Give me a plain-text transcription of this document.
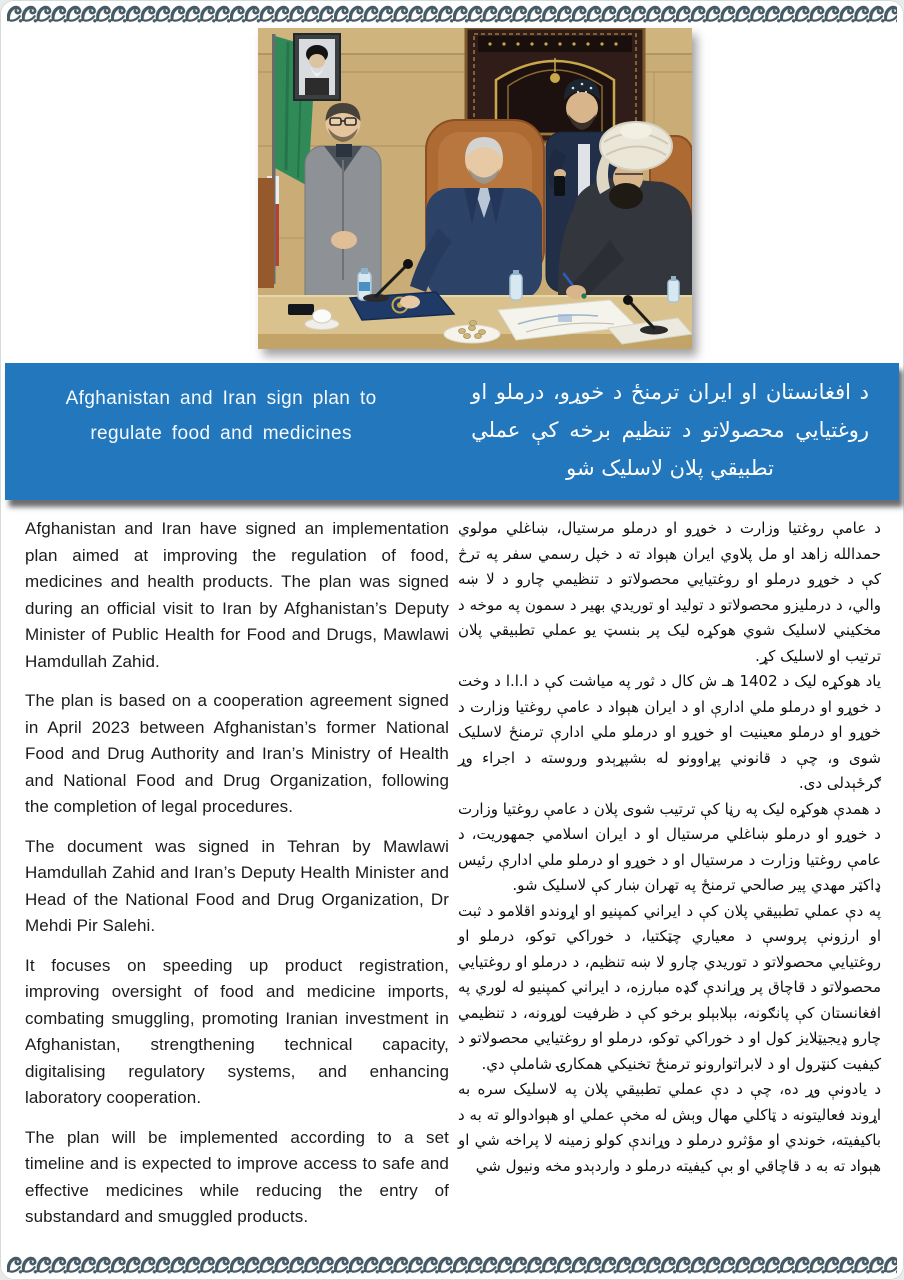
Afghanistan and Iran sign plan to regulate food and medicines
د افغانستان او ایران ترمنځ د خوړو، درملو او روغتیایي محصولاتو د تنظیم برخه کې عملي تطبیقي پلان لاسلیک شو

Afghanistan and Iran have signed an implementation plan aimed at improving the regulation of food, medicines and health products. The plan was signed during an official visit to Iran by Afghanistan’s Deputy Minister of Public Health for Food and Drugs, Mawlawi Hamdullah Zahid.

The plan is based on a cooperation agreement signed in April 2023 between Afghanistan’s former National Food and Drug Authority and Iran’s Ministry of Health and National Food and Drug Organization, following the completion of legal procedures.

The document was signed in Tehran by Mawlawi Hamdullah Zahid and Iran’s Deputy Health Minister and Head of the National Food and Drug Organization, Dr Mehdi Pir Salehi.

It focuses on speeding up product registration, improving oversight of food and medicine imports, combating smuggling, promoting Iranian investment in Afghanistan, strengthening technical capacity, digitalising regulatory systems, and enhancing laboratory cooperation.

The plan will be implemented according to a set timeline and is expected to improve access to safe and effective medicines while reducing the entry of substandard and smuggled products.

د عامې روغتیا وزارت د خوړو او درملو مرستیال، ښاغلي مولوي حمدالله زاهد او مل پلاوي ایران هېواد ته د خپل رسمي سفر په ترڅ کې د خوړو درملو او روغتیایي محصولاتو د تنظیمي چارو د لا ښه والي، د درملیزو محصولاتو د تولید او توریدي بهیر د سمون په موخه د مخکیني لاسلیک شوي هوکړه لیک پر بنسټ یو عملي تطبیقي پلان ترتیب او لاسلیک کړ.

یاد هوکړه لیک د 1402 هـ ش کال د ثور په میاشت کې د ا.ا.ا د وخت د خوړو او درملو ملي ادارې او د ایران هېواد د عامې روغتیا وزارت د خوړو او درملو معینیت او خوړو او درملو ملي ادارې ترمنځ لاسلیک شوی و، چې د قانوني پړاوونو له بشپړېدو وروسته د اجراء وړ ګرځېدلی دی.

د همدې هوکړه لیک په رڼا کې ترتیب شوی پلان د عامې روغتیا وزارت د خوړو او درملو ښاغلي مرستیال او د ایران اسلامي جمهوریت، د عامې روغتیا وزارت د مرستیال او د خوړو او درملو ملي ادارې رئیس ډاکټر مهدي پیر صالحي ترمنځ په تهران ښار کې لاسلیک شو.

په دې عملي تطبیقي پلان کې د ایراني کمپنیو او اړوندو اقلامو د ثبت او ارزونې پروسې د معیاري چټکتیا، د خوراکي توکو، درملو او روغتیایي محصولاتو د توریدي چارو لا ښه تنظیم، د درملو او روغتیایي محصولاتو د قاچاق پر وړاندې ګډه مبارزه، د ایراني کمپنیو له لوري په افغانستان کې پانګونه، بېلابېلو برخو کې د ظرفیت لوړونه، د تنظیمي چارو ډیجیټلایز کول او د خوراکي توکو، درملو او روغتیایي محصولاتو د کیفیت کنټرول او د لابراتوارونو ترمنځ تخنیکي همکارۍ شاملې دي.

د یادونې وړ ده، چې د دې عملي تطبیقي پلان په لاسلیک سره به اړوند فعالیتونه د ټاکلي مهال وېش له مخې عملي او هېوادوالو ته به د باکیفیته، خوندي او مؤثرو درملو د وړاندې کولو زمینه لا پراخه شي او هېواد ته به د قاچاقي او بې کیفیته درملو د واردېدو مخه ونیول شي
